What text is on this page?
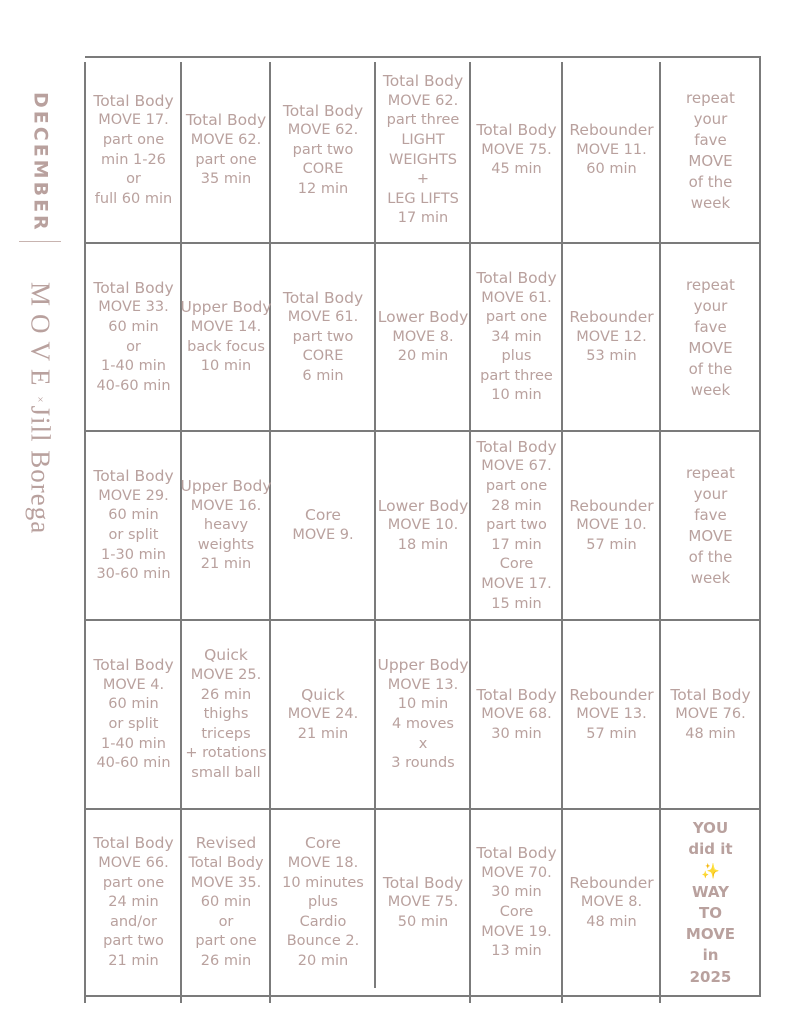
DECEMBER
MOVE×Jill Borega
Total Body
MOVE 17.
part one
min 1-26
or
full 60 min
Total Body
MOVE 62.
part one
35 min
Total Body
MOVE 62.
part two
CORE
12 min
Total Body
MOVE 62.
part three
LIGHT
WEIGHTS
+
LEG LIFTS
17 min
Total Body
MOVE 75.
45 min
Rebounder
MOVE 11.
60 min
repeat
your
fave
MOVE
of the
week
Total Body
MOVE 33.
60 min
or
1-40 min
40-60 min
Upper Body
MOVE 14.
back focus
10 min
Total Body
MOVE 61.
part two
CORE
6 min
Lower Body
MOVE 8.
20 min
Total Body
MOVE 61.
part one
34 min
plus
part three
10 min
Rebounder
MOVE 12.
53 min
repeat
your
fave
MOVE
of the
week
Total Body
MOVE 29.
60 min
or split
1-30 min
30-60 min
Upper Body
MOVE 16.
heavy
weights
21 min
Core
MOVE 9.
Lower Body
MOVE 10.
18 min
Total Body
MOVE 67.
part one
28 min
part two
17 min
Core
MOVE 17.
15 min
Rebounder
MOVE 10.
57 min
repeat
your
fave
MOVE
of the
week
Total Body
MOVE 4.
60 min
or split
1-40 min
40-60 min
Quick
MOVE 25.
26 min
thighs
triceps
+ rotations
small ball
Quick
MOVE 24.
21 min
Upper Body
MOVE 13.
10 min
4 moves
x
3 rounds
Total Body
MOVE 68.
30 min
Rebounder
MOVE 13.
57 min
Total Body
MOVE 76.
48 min
Total Body
MOVE 66.
part one
24 min
and/or
part two
21 min
Revised
Total Body
MOVE 35.
60 min
or
part one
26 min
Core
MOVE 18.
10 minutes
plus
Cardio
Bounce 2.
20 min
Total Body
MOVE 75.
50 min
Total Body
MOVE 70.
30 min
Core
MOVE 19.
13 min
Rebounder
MOVE 8.
48 min
YOU
did it
✨
WAY
TO
MOVE
in
2025
